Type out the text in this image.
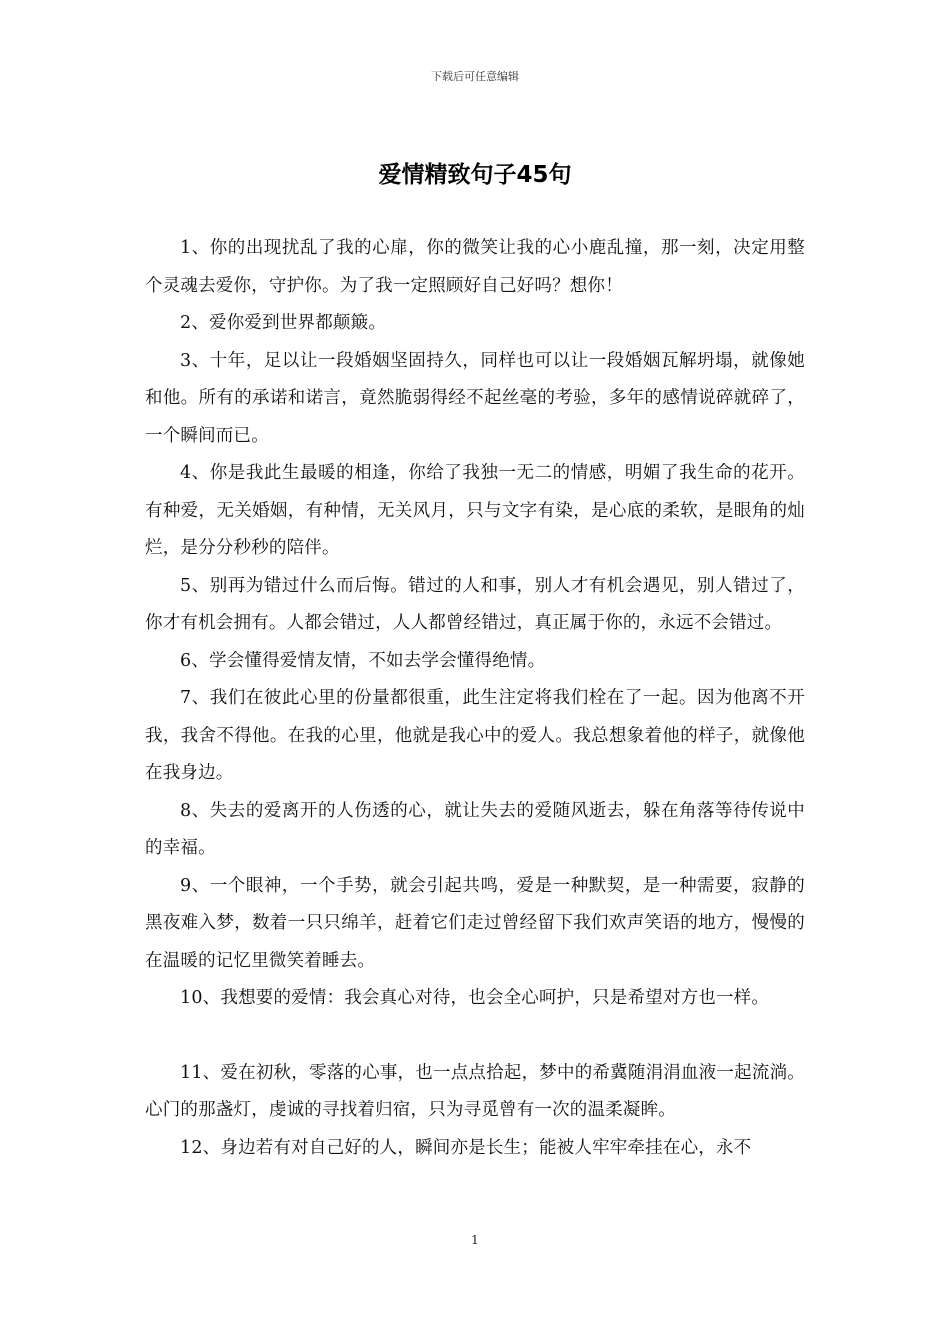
下载后可任意编辑
爱情精致句子45句

1、你的出现扰乱了我的心扉，你的微笑让我的心小鹿乱撞，那一刻，决定用整个灵魂去爱你，守护你。为了我一定照顾好自己好吗？想你！

2、爱你爱到世界都颠簸。

3、十年，足以让一段婚姻坚固持久，同样也可以让一段婚姻瓦解坍塌，就像她和他。所有的承诺和诺言，竟然脆弱得经不起丝毫的考验，多年的感情说碎就碎了，一个瞬间而已。

4、你是我此生最暖的相逢，你给了我独一无二的情感，明媚了我生命的花开。有种爱，无关婚姻，有种情，无关风月，只与文字有染，是心底的柔软，是眼角的灿烂，是分分秒秒的陪伴。

5、别再为错过什么而后悔。错过的人和事，别人才有机会遇见，别人错过了，你才有机会拥有。人都会错过，人人都曾经错过，真正属于你的，永远不会错过。

6、学会懂得爱情友情，不如去学会懂得绝情。

7、我们在彼此心里的份量都很重，此生注定将我们栓在了一起。因为他离不开我，我舍不得他。在我的心里，他就是我心中的爱人。我总想象着他的样子，就像他在我身边。

8、失去的爱离开的人伤透的心，就让失去的爱随风逝去，躲在角落等待传说中的幸福。

9、一个眼神，一个手势，就会引起共鸣，爱是一种默契，是一种需要，寂静的黑夜难入梦，数着一只只绵羊，赶着它们走过曾经留下我们欢声笑语的地方，慢慢的在温暖的记忆里微笑着睡去。

10、我想要的爱情：我会真心对待，也会全心呵护，只是希望对方也一样。

11、爱在初秋，零落的心事，也一点点拾起，梦中的希冀随涓涓血液一起流淌。心门的那盏灯，虔诚的寻找着归宿，只为寻觅曾有一次的温柔凝眸。

12、身边若有对自己好的人，瞬间亦是长生；能被人牢牢牵挂在心，永不

1
